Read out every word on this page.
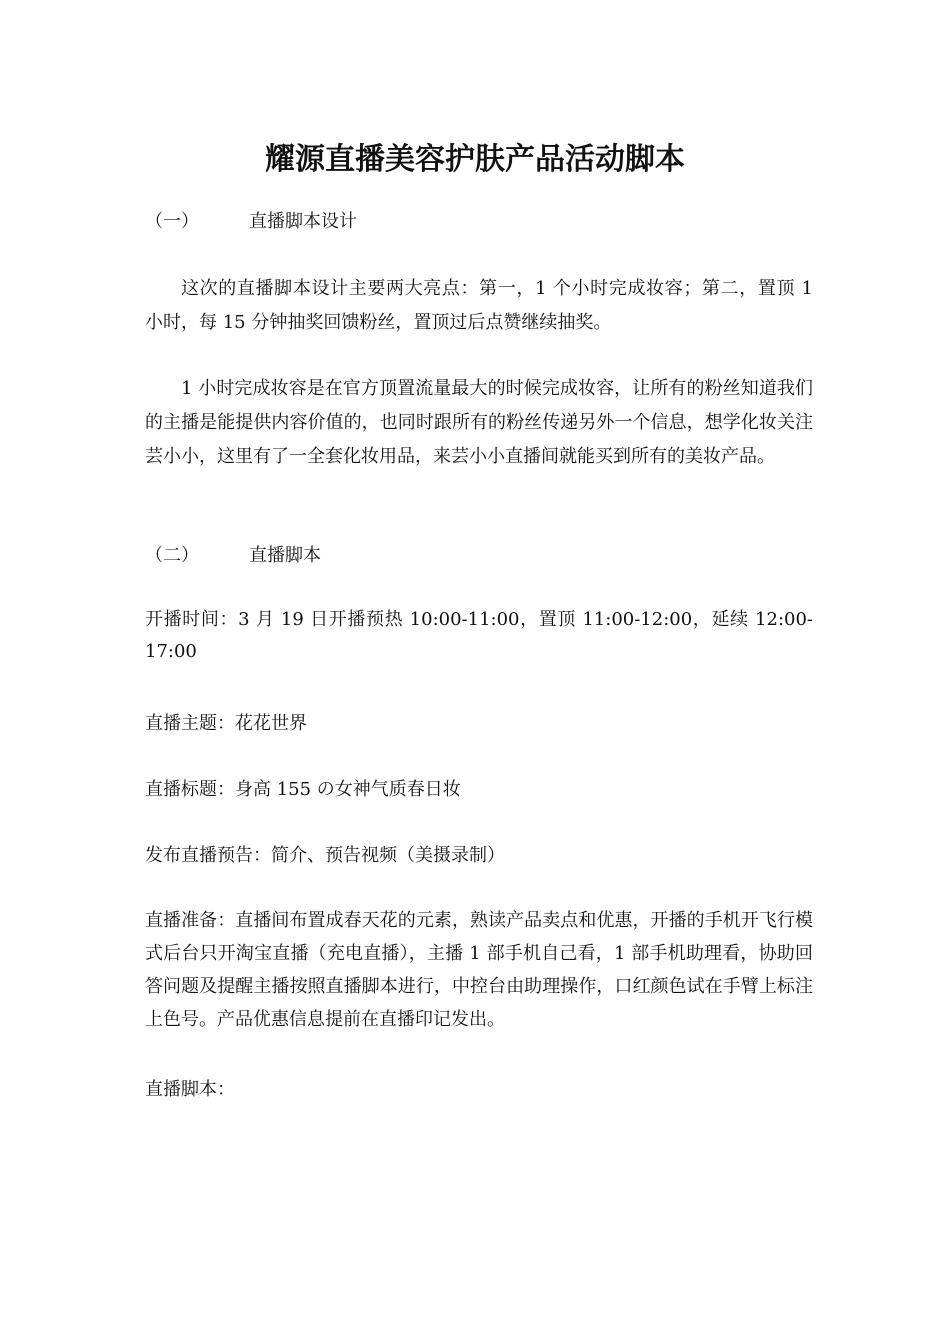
耀源直播美容护肤产品活动脚本
（一）	直播脚本设计
这次的直播脚本设计主要两大亮点：第一，1 个小时完成妆容；第二，置顶 1 小时，每 15 分钟抽奖回馈粉丝，置顶过后点赞继续抽奖。
1 小时完成妆容是在官方顶置流量最大的时候完成妆容，让所有的粉丝知道我们的主播是能提供内容价值的，也同时跟所有的粉丝传递另外一个信息，想学化妆关注芸小小，这里有了一全套化妆用品，来芸小小直播间就能买到所有的美妆产品。
（二）	直播脚本
开播时间：3 月 19 日开播预热 10:00-11:00，置顶 11:00-12:00，延续 12:00-17:00
直播主题：花花世界
直播标题：身高 155 の女神气质春日妆
发布直播预告：简介、预告视频（美摄录制）
直播准备：直播间布置成春天花的元素，熟读产品卖点和优惠，开播的手机开飞行模式后台只开淘宝直播（充电直播），主播 1 部手机自己看，1 部手机助理看，协助回答问题及提醒主播按照直播脚本进行，中控台由助理操作，口红颜色试在手臂上标注上色号。产品优惠信息提前在直播印记发出。
直播脚本：
